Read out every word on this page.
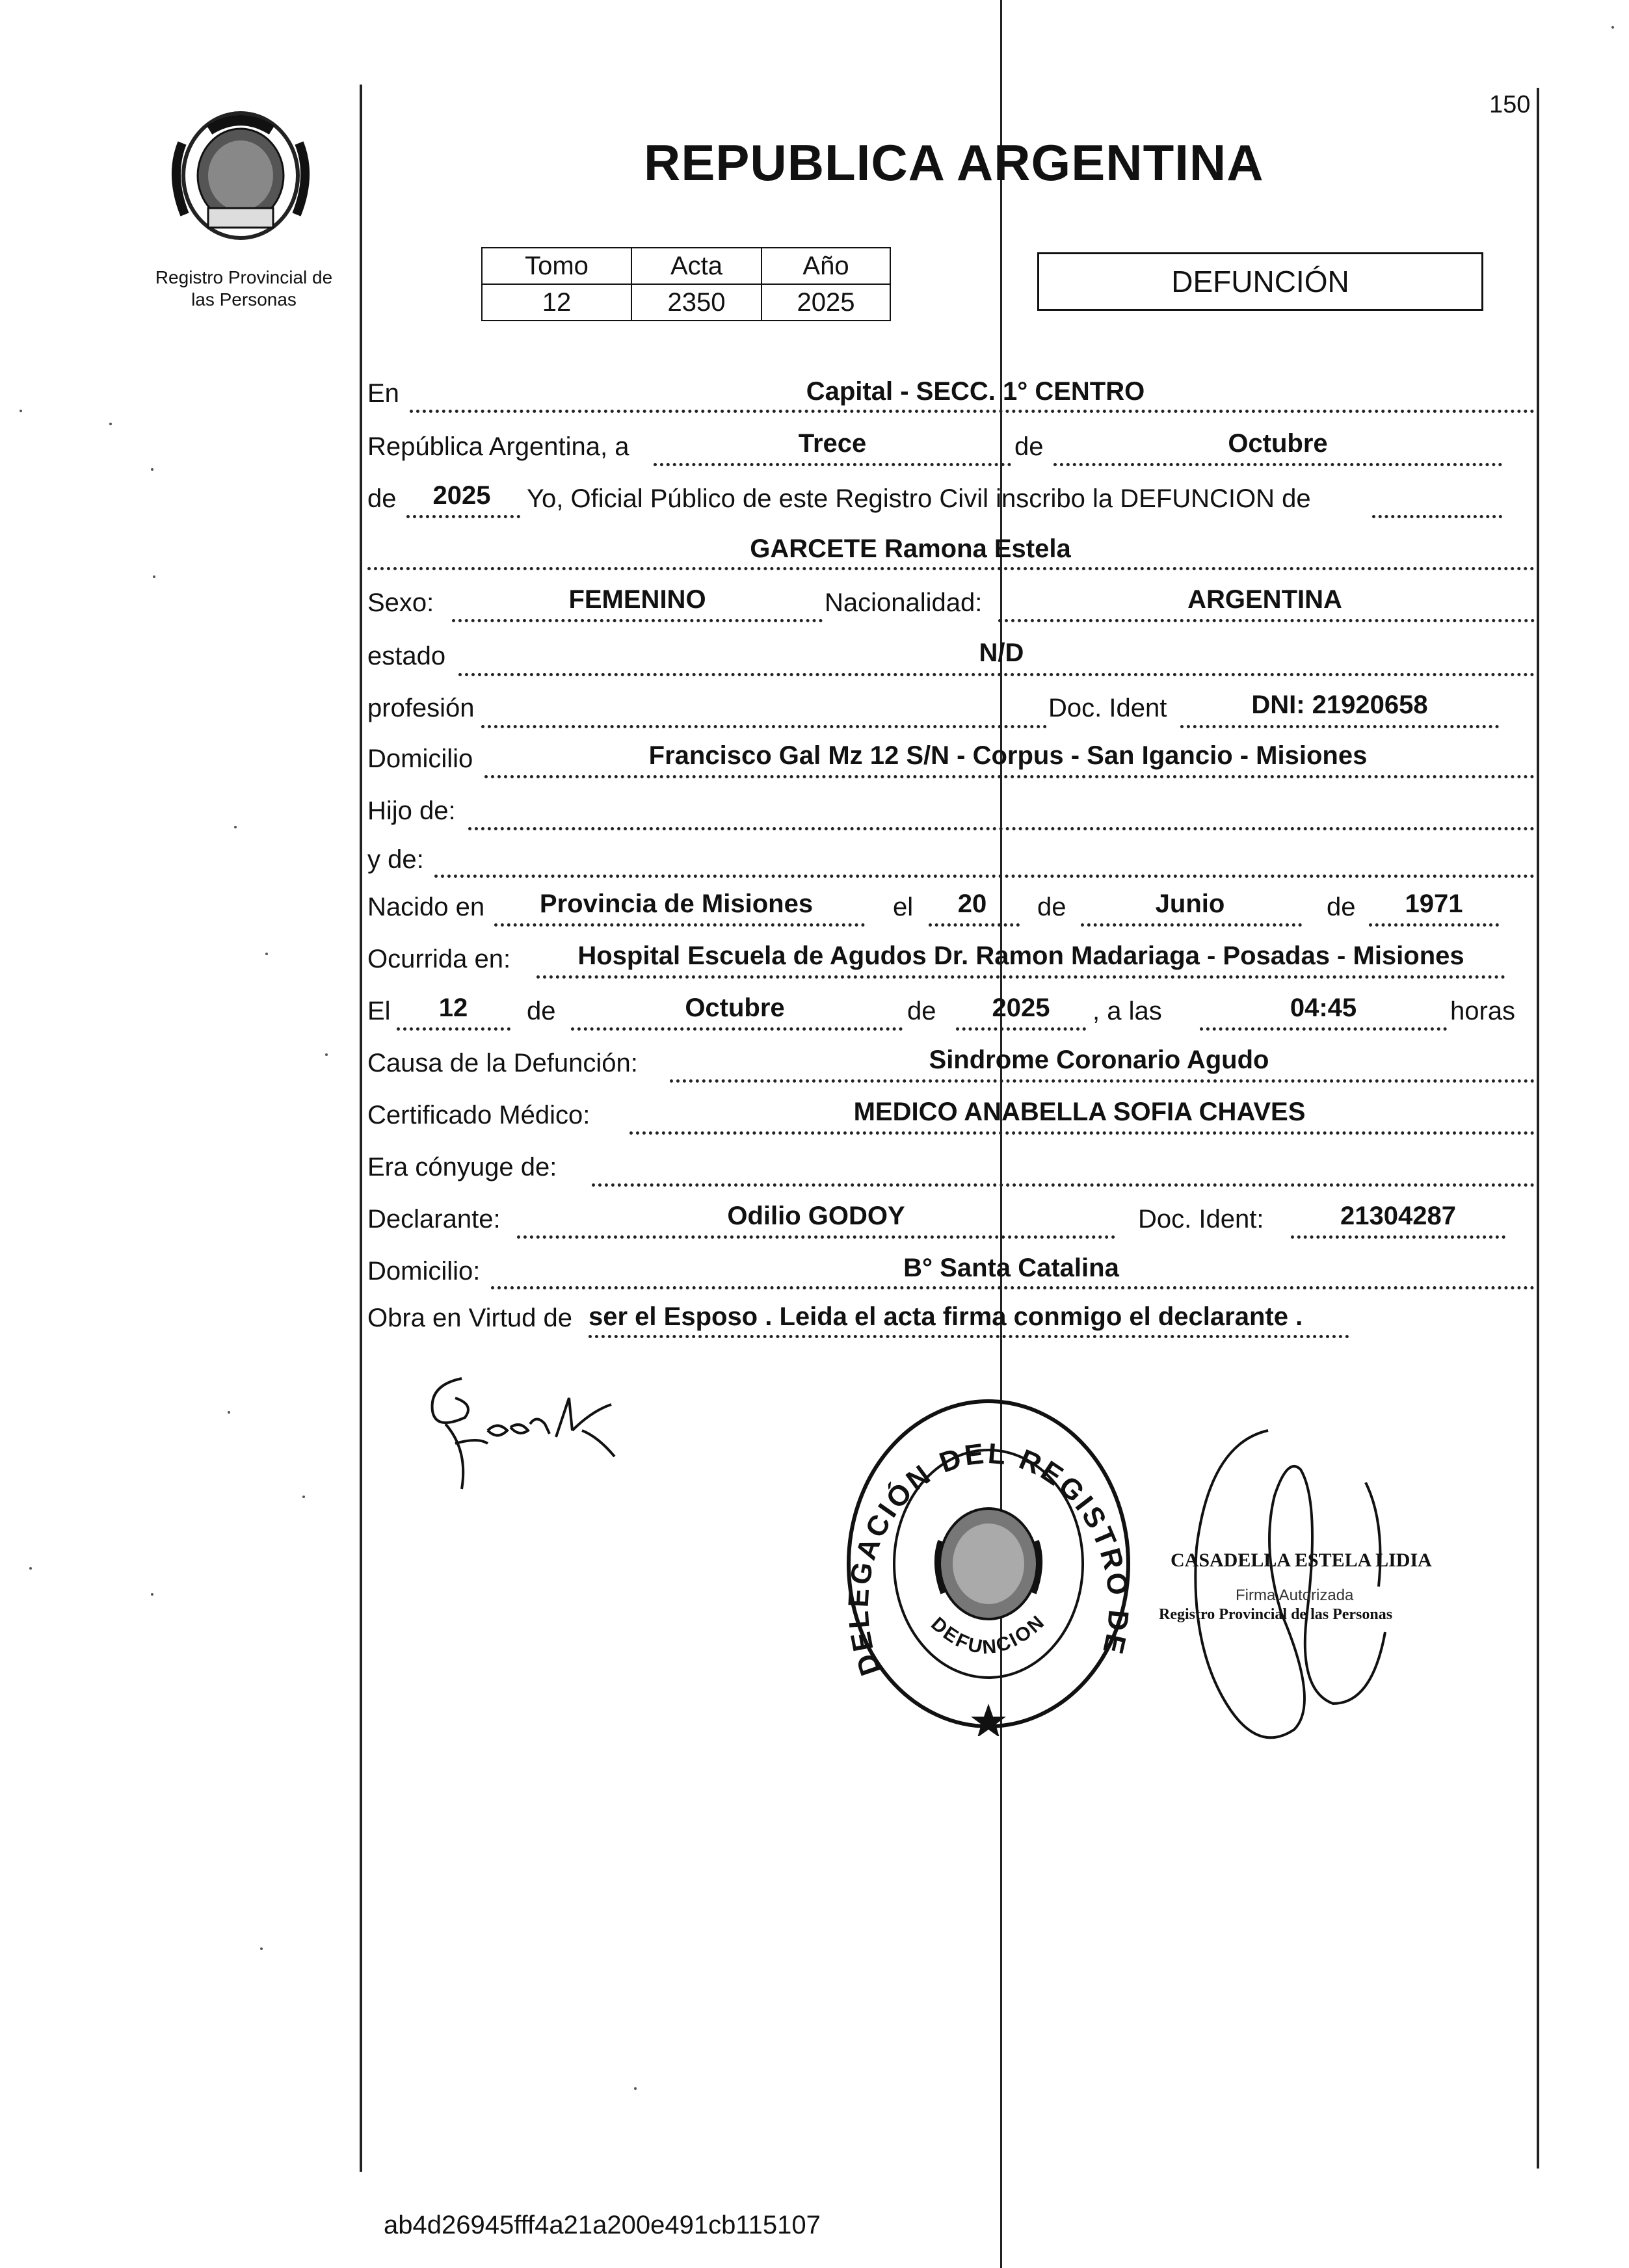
Registro Provincial de
las Personas
150
REPUBLICA ARGENTINA
Tomo	Acta	Año
12	2350	2025
DEFUNCIÓN
En	Capital - SECC. 1° CENTRO
República Argentina, a	Trece	de	Octubre
de	2025	Yo, Oficial Público de este Registro Civil inscribo la DEFUNCION de
GARCETE Ramona Estela
Sexo:	FEMENINO	Nacionalidad:	ARGENTINA
estado	N/D
profesión	Doc. Ident	DNI: 21920658
Domicilio	Francisco Gal Mz 12 S/N - Corpus - San Igancio - Misiones
Hijo de:
y de:
Nacido en	Provincia de Misiones	el	20	de	Junio	de	1971
Ocurrida en:	Hospital Escuela de Agudos Dr. Ramon Madariaga - Posadas - Misiones
El	12	de	Octubre	de	2025	, a las	04:45	horas
Causa de la Defunción:	Sindrome Coronario Agudo
Certificado Médico:	MEDICO ANABELLA SOFIA CHAVES
Era cónyuge de:
Declarante:	Odilio GODOY	Doc. Ident:	21304287
Domicilio:	B° Santa Catalina
Obra en Virtud de ser el Esposo . Leida el acta firma conmigo el declarante .
DELEGACIÓN DEL REGISTRO DE
DEFUNCION
CASADELLA ESTELA LIDIA
Firma Autorizada
Registro Provincial de las Personas
ab4d26945fff4a21a200e491cb115107
